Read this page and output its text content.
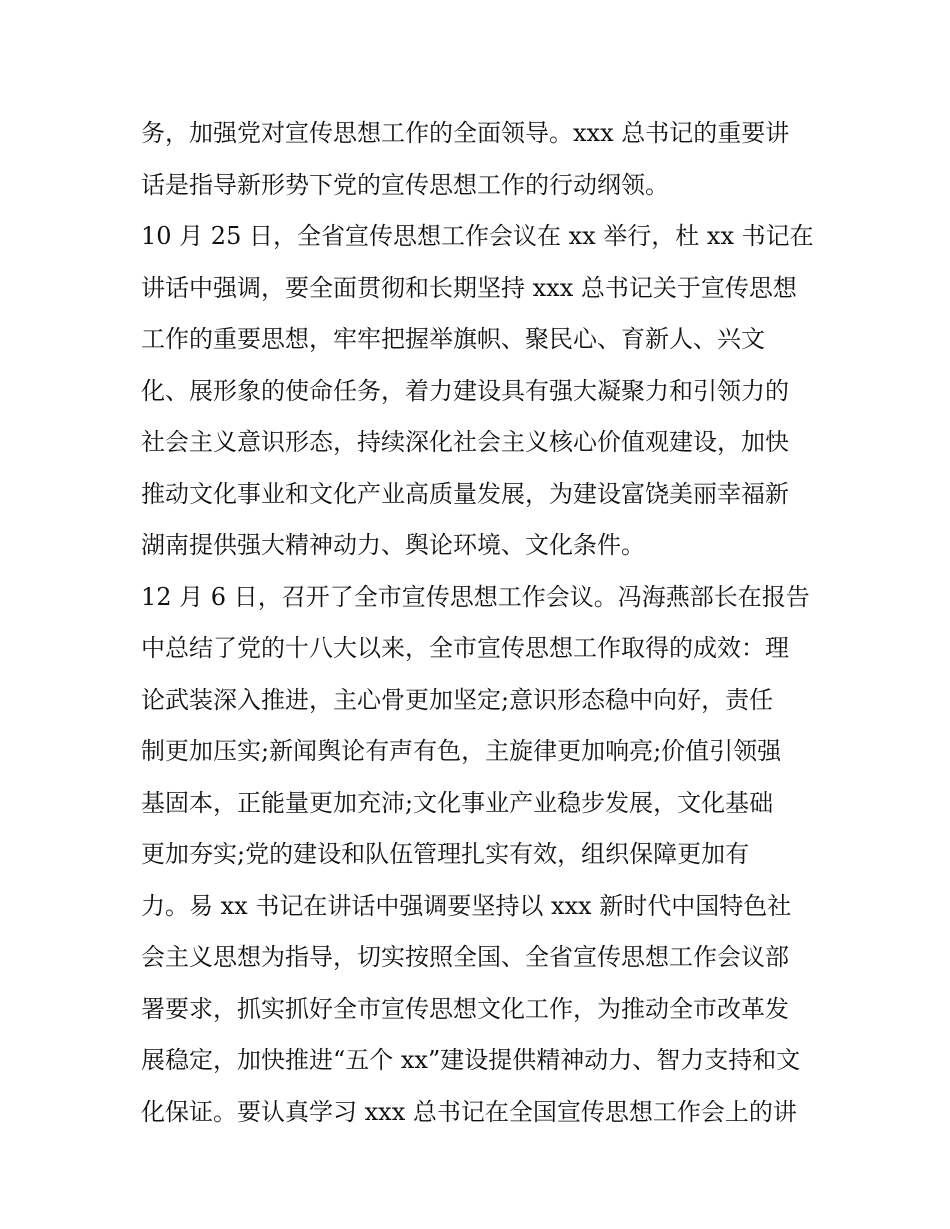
务，加强党对宣传思想工作的全面领导。xxx 总书记的重要讲
话是指导新形势下党的宣传思想工作的行动纲领。
10 月 25 日，全省宣传思想工作会议在 xx 举行，杜 xx 书记在
讲话中强调，要全面贯彻和长期坚持 xxx 总书记关于宣传思想
工作的重要思想，牢牢把握举旗帜、聚民心、育新人、兴文
化、展形象的使命任务，着力建设具有强大凝聚力和引领力的
社会主义意识形态，持续深化社会主义核心价值观建设，加快
推动文化事业和文化产业高质量发展，为建设富饶美丽幸福新
湖南提供强大精神动力、舆论环境、文化条件。
12 月 6 日，召开了全市宣传思想工作会议。冯海燕部长在报告
中总结了党的十八大以来，全市宣传思想工作取得的成效：理
论武装深入推进，主心骨更加坚定;意识形态稳中向好，责任
制更加压实;新闻舆论有声有色，主旋律更加响亮;价值引领强
基固本，正能量更加充沛;文化事业产业稳步发展，文化基础
更加夯实;党的建设和队伍管理扎实有效，组织保障更加有
力。易 xx 书记在讲话中强调要坚持以 xxx 新时代中国特色社
会主义思想为指导，切实按照全国、全省宣传思想工作会议部
署要求，抓实抓好全市宣传思想文化工作，为推动全市改革发
展稳定，加快推进“五个 xx”建设提供精神动力、智力支持和文
化保证。要认真学习 xxx 总书记在全国宣传思想工作会上的讲
